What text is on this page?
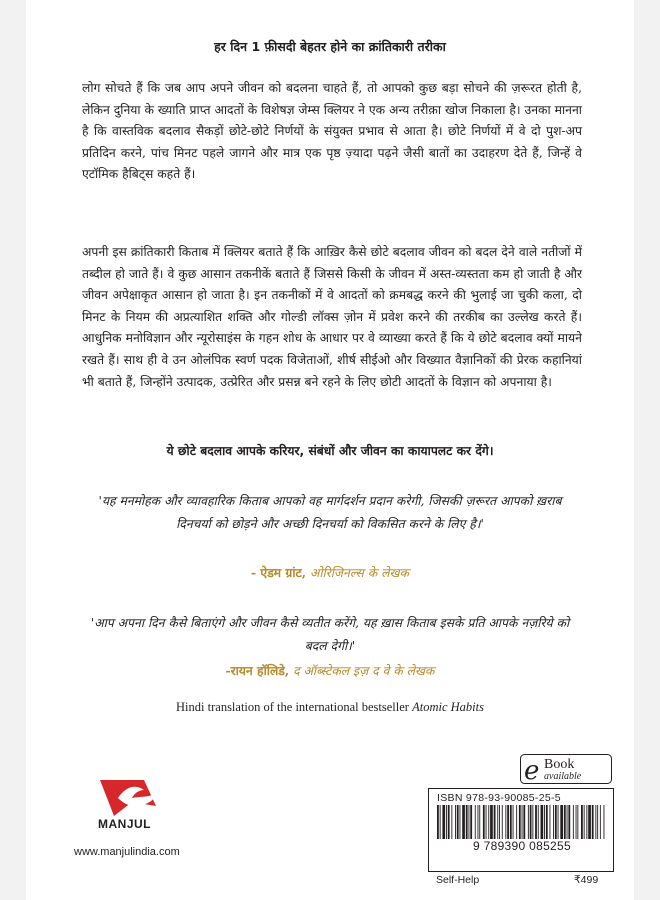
हर दिन 1 फ़ीसदी बेहतर होने का क्रांतिकारी तरीका

लोग सोचते हैं कि जब आप अपने जीवन को बदलना चाहते हैं, तो आपको कुछ बड़ा सोचने की ज़रूरत होती है, लेकिन दुनिया के ख्याति प्राप्त आदतों के विशेषज्ञ जेम्स क्लियर ने एक अन्य तरीक़ा खोज निकाला है। उनका मानना है कि वास्तविक बदलाव सैकड़ों छोटे-छोटे निर्णयों के संयुक्त प्रभाव से आता है। छोटे निर्णयों में वे दो पुश-अप प्रतिदिन करने, पांच मिनट पहले जागने और मात्र एक पृष्ठ ज़्यादा पढ़ने जैसी बातों का उदाहरण देते हैं, जिन्हें वे एटॉमिक हैबिट्स कहते हैं।

अपनी इस क्रांतिकारी किताब में क्लियर बताते हैं कि आख़िर कैसे छोटे बदलाव जीवन को बदल देने वाले नतीजों में तब्दील हो जाते हैं। वे कुछ आसान तकनीकें बताते हैं जिससे किसी के जीवन में अस्त-व्यस्तता कम हो जाती है और जीवन अपेक्षाकृत आसान हो जाता है। इन तकनीकों में वे आदतों को क्रमबद्ध करने की भुलाई जा चुकी कला, दो मिनट के नियम की अप्रत्याशित शक्ति और गोल्डी लॉक्स ज़ोन में प्रवेश करने की तरकीब का उल्लेख करते हैं। आधुनिक मनोविज्ञान और न्यूरोसाइंस के गहन शोध के आधार पर वे व्याख्या करते हैं कि ये छोटे बदलाव क्यों मायने रखते हैं। साथ ही वे उन ओलंपिक स्वर्ण पदक विजेताओं, शीर्ष सीईओ और विख्यात वैज्ञानिकों की प्रेरक कहानियां भी बताते हैं, जिन्होंने उत्पादक, उत्प्रेरित और प्रसन्न बने रहने के लिए छोटी आदतों के विज्ञान को अपनाया है।

ये छोटे बदलाव आपके करियर, संबंधों और जीवन का कायापलट कर देंगे।

'यह मनमोहक और व्यावहारिक किताब आपको वह मार्गदर्शन प्रदान करेगी, जिसकी ज़रूरत आपको ख़राब दिनचर्या को छोड़ने और अच्छी दिनचर्या को विकसित करने के लिए है।'

- ऐडम ग्रांट, ओरिजिनल्स के लेखक

'आप अपना दिन कैसे बिताएंगे और जीवन कैसे व्यतीत करेंगे, यह ख़ास किताब इसके प्रति आपके नज़रिये को बदल देगी।'

-रायन हॉलिडे, द ऑब्स्टेकल इज़ द वे के लेखक
Hindi translation of the international bestseller Atomic Habits
MANJUL
www.manjulindia.com
e Book
available
ISBN 978-93-90085-25-5
9 789390 085255
Self-Help	₹499
